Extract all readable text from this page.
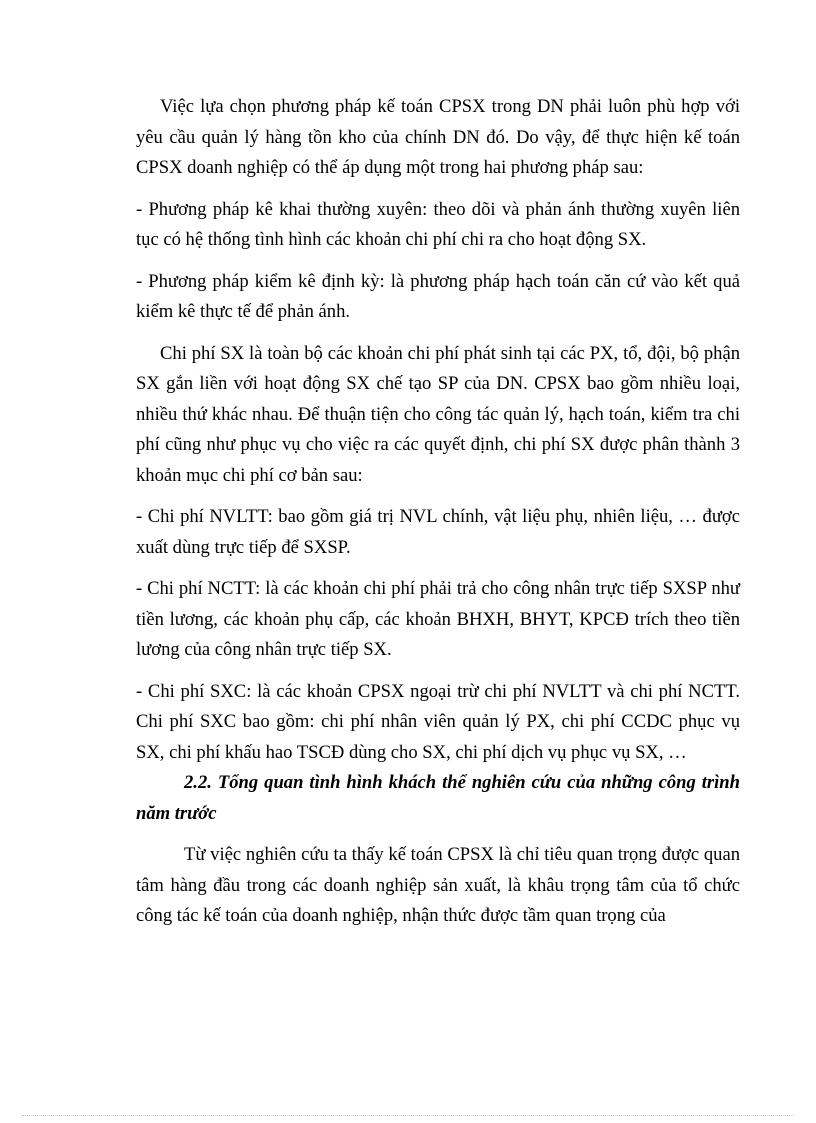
Việc lựa chọn phương pháp kế toán CPSX trong DN phải luôn phù hợp với yêu cầu quản lý hàng tồn kho của chính DN đó. Do vậy, để thực hiện kế toán CPSX doanh nghiệp có thể áp dụng một trong hai phương pháp sau:

- Phương pháp kê khai thường xuyên: theo dõi và phản ánh thường xuyên liên tục có hệ thống tình hình các khoản chi phí chi ra cho hoạt động SX.

- Phương pháp kiểm kê định kỳ: là phương pháp hạch toán căn cứ vào kết quả kiểm kê thực tế để phản ánh.

Chi phí SX là toàn bộ các khoản chi phí phát sinh tại các PX, tổ, đội, bộ phận SX gắn liền với hoạt động SX chế tạo SP của DN. CPSX bao gồm nhiều loại, nhiều thứ khác nhau. Để thuận tiện cho công tác quản lý, hạch toán, kiểm tra chi phí cũng như phục vụ cho việc ra các quyết định, chi phí SX được phân thành 3 khoản mục chi phí cơ bản sau:

- Chi phí NVLTT: bao gồm giá trị NVL chính, vật liệu phụ, nhiên liệu, … được xuất dùng trực tiếp để SXSP.

- Chi phí NCTT: là các khoản chi phí phải trả cho công nhân trực tiếp SXSP như tiền lương, các khoản phụ cấp, các khoản BHXH, BHYT, KPCĐ trích theo tiền lương của công nhân trực tiếp SX.

- Chi phí SXC: là các khoản CPSX ngoại trừ chi phí NVLTT và chi phí NCTT. Chi phí SXC bao gồm: chi phí nhân viên quản lý PX, chi phí CCDC phục vụ SX, chi phí khấu hao TSCĐ dùng cho SX, chi phí dịch vụ phục vụ SX, …

2.2. Tổng quan tình hình khách thể nghiên cứu của những công trình năm trước

Từ việc nghiên cứu ta thấy kế toán CPSX là chỉ tiêu quan trọng được quan tâm hàng đầu trong các doanh nghiệp sản xuất, là khâu trọng tâm của tổ chức công tác kế toán của doanh nghiệp, nhận thức được tầm quan trọng của
